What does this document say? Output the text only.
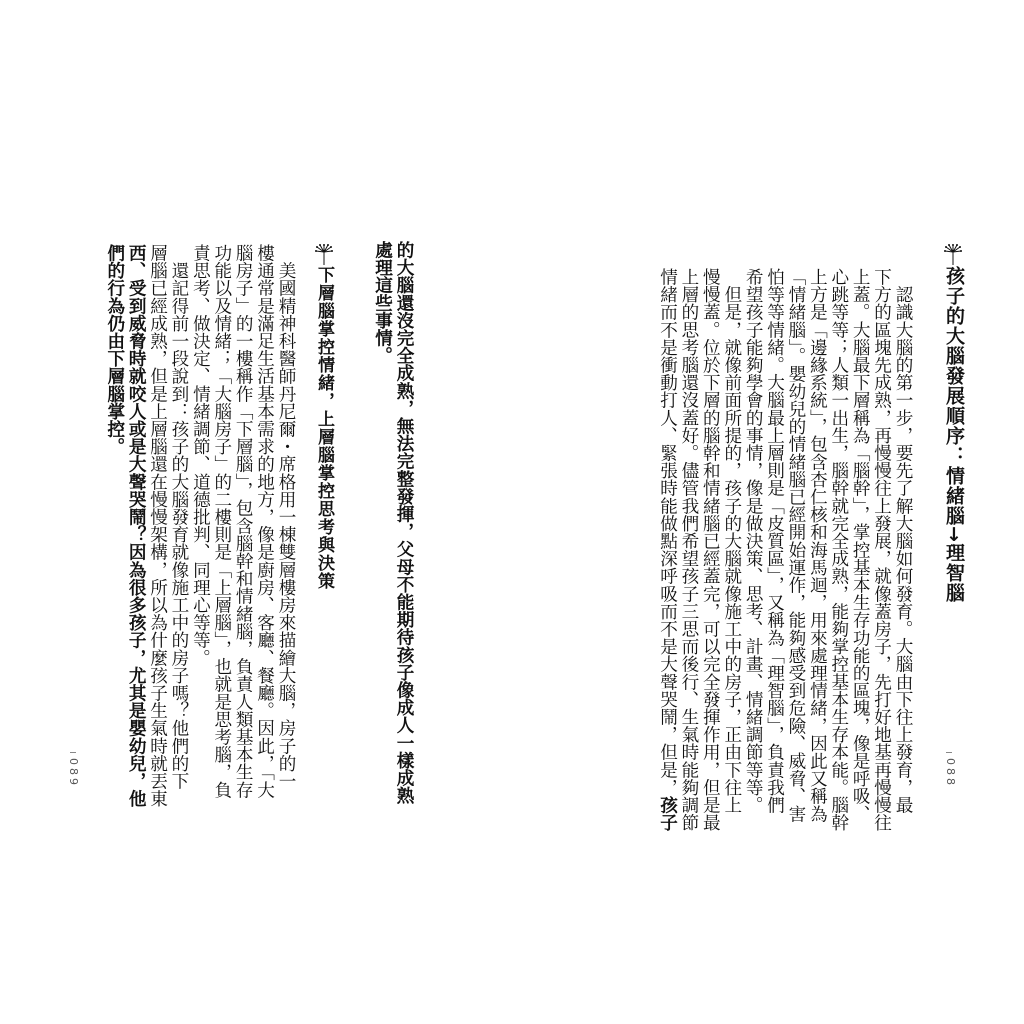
孩子的大腦發展順序：情緒腦→理智腦
　認識大腦的第一步，要先了解大腦如何發育。大腦由下往上發育，最
下方的區塊先成熟，再慢慢往上發展，就像蓋房子，先打好地基再慢慢往
上蓋。大腦最下層稱為「腦幹」，掌控基本生存功能的區塊，像是呼吸、
心跳等等；人類一出生，腦幹就完全成熟，能夠掌控基本生存本能。腦幹
上方是「邊緣系統」，包含杏仁核和海馬迴，用來處理情緒，因此又稱為
「情緒腦」。嬰幼兒的情緒腦已經開始運作，能夠感受到危險、威脅、害
怕等等情緒。大腦最上層則是「皮質區」，又稱為「理智腦」，負責我們
希望孩子能夠學會的事情，像是做決策、思考、計畫、情緒調節等等。
　但是，就像前面所提的，孩子的大腦就像施工中的房子，正由下往上
慢慢蓋。位於下層的腦幹和情緒腦已經蓋完，可以完全發揮作用，但是最
上層的思考腦還沒蓋好。儘管我們希望孩子三思而後行、生氣時能夠調節
情緒而不是衝動打人、緊張時能做點深呼吸而不是大聲哭鬧，但是，孩子
088
的大腦還沒完全成熟，無法完整發揮，父母不能期待孩子像成人一樣成熟
處理這些事情。
下層腦掌控情緒，上層腦掌控思考與決策
　美國精神科醫師丹尼爾・席格用一棟雙層樓房來描繪大腦，房子的一
樓通常是滿足生活基本需求的地方，像是廚房、客廳、餐廳。因此，「大
腦房子」的一樓稱作「下層腦」，包含腦幹和情緒腦，負責人類基本生存
功能以及情緒；「大腦房子」的二樓則是「上層腦」，也就是思考腦，負
責思考、做決定、情緒調節、道德批判、同理心等等。
　還記得前一段說到：孩子的大腦發育就像施工中的房子嗎？他們的下
層腦已經成熟，但是上層腦還在慢慢架構，所以為什麼孩子生氣時就丟東
西、受到威脅時就咬人或是大聲哭鬧？因為很多孩子，尤其是嬰幼兒，他
們的行為仍由下層腦掌控。
089
